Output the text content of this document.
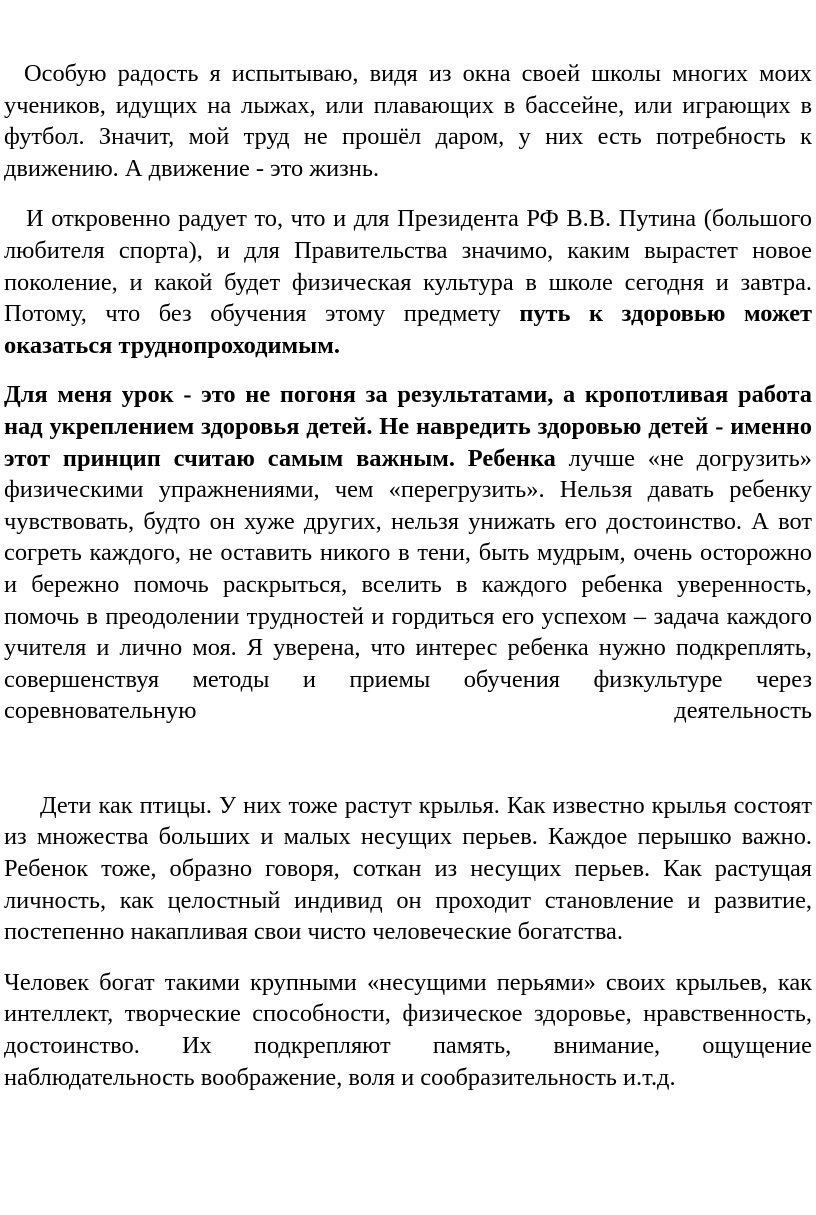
Особую радость я испытываю, видя из окна своей школы многих моих учеников, идущих на лыжах, или плавающих в бассейне, или играющих в футбол. Значит, мой труд не прошёл даром, у них есть потребность к движению. А движение - это жизнь.

И откровенно радует то, что и для Президента РФ В.В. Путина (большого любителя спорта), и для Правительства значимо, каким вырастет новое поколение, и какой будет физическая культура в школе сегодня и завтра. Потому, что без обучения этому предмету путь к здоровью может оказаться труднопроходимым.

Для меня урок - это не погоня за результатами, а кропотливая работа над укреплением здоровья детей. Не навредить здоровью детей - именно этот принцип считаю самым важным. Ребенка лучше «не догрузить» физическими упражнениями, чем «перегрузить». Нельзя давать ребенку чувствовать, будто он хуже других, нельзя унижать его достоинство. А вот согреть каждого, не оставить никого в тени, быть мудрым, очень осторожно и бережно помочь раскрыться, вселить в каждого ребенка уверенность, помочь в преодолении трудностей и гордиться его успехом – задача каждого учителя и лично моя. Я уверена, что интерес ребенка нужно подкреплять, совершенствуя методы и приемы обучения физкультуре через соревновательную деятельность

Дети как птицы. У них тоже растут крылья. Как известно крылья состоят из множества больших и малых несущих перьев. Каждое перышко важно. Ребенок тоже, образно говоря, соткан из несущих перьев. Как растущая личность, как целостный индивид он проходит становление и развитие, постепенно накапливая свои чисто человеческие богатства.

Человек богат такими крупными «несущими перьями» своих крыльев, как интеллект, творческие способности, физическое здоровье, нравственность, достоинство. Их подкрепляют память, внимание, ощущение наблюдательность воображение, воля и сообразительность и.т.д.
